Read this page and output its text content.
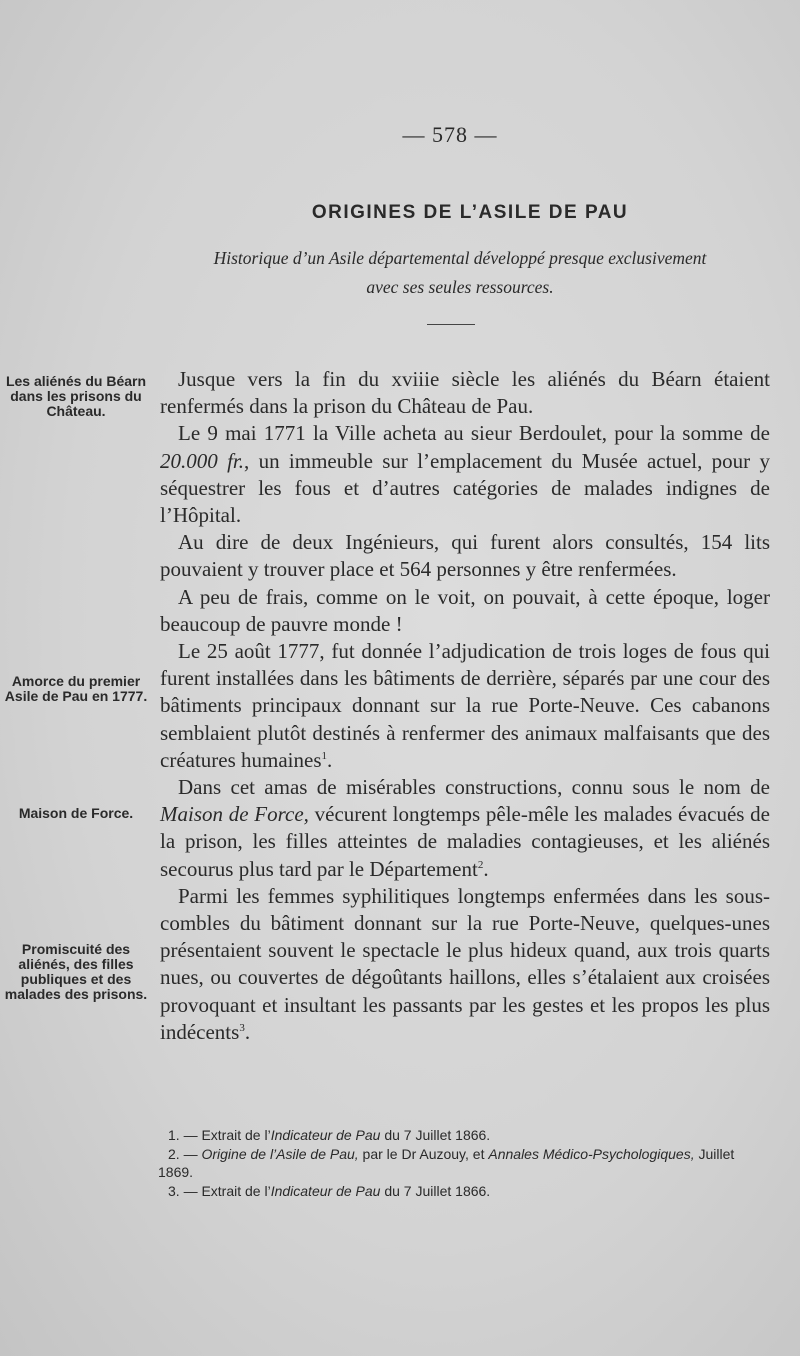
— 578 —
ORIGINES DE L’ASILE DE PAU
Historique d’un Asile départemental développé presque exclusivement
avec ses seules ressources.
Les aliénés du Béarn dans les prisons du Château.
Amorce du premier Asile de Pau en 1777.
Maison de Force.
Promiscuité des aliénés, des filles publiques et des malades des prisons.

Jusque vers la fin du xviiie siècle les aliénés du Béarn étaient renfermés dans la prison du Château de Pau.

Le 9 mai 1771 la Ville acheta au sieur Berdoulet, pour la somme de 20.000 fr., un immeuble sur l’emplacement du Musée actuel, pour y séquestrer les fous et d’autres catégories de malades indignes de l’Hôpital.

Au dire de deux Ingénieurs, qui furent alors consultés, 154 lits pouvaient y trouver place et 564 personnes y être renfermées.

A peu de frais, comme on le voit, on pouvait, à cette époque, loger beaucoup de pauvre monde !

Le 25 août 1777, fut donnée l’adjudication de trois loges de fous qui furent installées dans les bâtiments de derrière, séparés par une cour des bâtiments principaux donnant sur la rue Porte-Neuve. Ces cabanons semblaient plutôt destinés à renfermer des animaux malfaisants que des créatures humaines$^1$.

Dans cet amas de misérables constructions, connu sous le nom de Maison de Force, vécurent longtemps pêle-mêle les malades évacués de la prison, les filles atteintes de maladies contagieuses, et les aliénés secourus plus tard par le Département$^2$.

Parmi les femmes syphilitiques longtemps enfermées dans les sous-combles du bâtiment donnant sur la rue Porte-Neuve, quelques-unes présentaient souvent le spectacle le plus hideux quand, aux trois quarts nues, ou couvertes de dégoûtants haillons, elles s’étalaient aux croisées provoquant et insultant les passants par les gestes et les propos les plus indécents$^3$.

1. — Extrait de l’Indicateur de Pau du 7 Juillet 1866.

2. — Origine de l’Asile de Pau, par le Dr Auzouy, et Annales Médico-Psychologiques, Juillet 1869.

3. — Extrait de l’Indicateur de Pau du 7 Juillet 1866.
